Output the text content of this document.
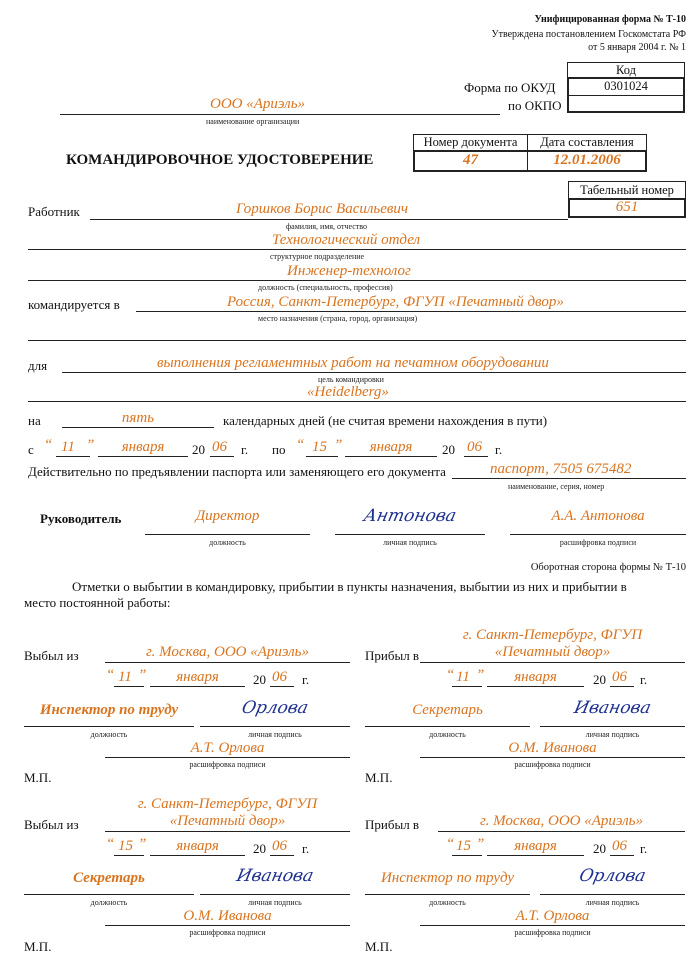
Унифицированная форма № Т-10
Утверждена постановлением Госкомстата РФ
от 5 января 2004 г. № 1
Код
0301024
Форма по ОКУД
по ОКПО
ООО «Ариэль»
наименование организации
Номер документа	Дата составления
47	12.01.2006
КОМАНДИРОВОЧНОЕ УДОСТОВЕРЕНИЕ
Табельный номер
651
Работник	Горшков Борис Васильевич
фамилия, имя, отчество
Технологический отдел
структурное подразделение
Инженер-технолог
должность (специальность, профессия)
командируется в	Россия, Санкт-Петербург, ФГУП «Печатный двор»
место назначения (страна, город, организация)
для	выполнения регламентных работ на печатном оборудовании
цель командировки
«Heidelberg»
на	пять	календарных дней (не считая времени нахождения в пути)
с “ 11 ”	января	20 06 г. по “ 15 ”	января	20 06 г.
Действительно по предъявлении паспорта или заменяющего его документа	паспорт, 7505 675482
наименование, серия, номер
Руководитель	Директор
должность
Антонова
личная подпись
А.А. Антонова
расшифровка подписи
Оборотная сторона формы № Т-10
Отметки о выбытии в командировку, прибытии в пункты назначения, выбытии из них и прибытии в
место постоянной работы:
Выбыл из	г. Москва, ООО «Ариэль»
“ 11 ”	января	20 06 г.
Инспектор по труду
должность
Орлова
личная подпись
А.Т. Орлова
расшифровка подписи
М.П.
г. Санкт-Петербург, ФГУП
Прибыл в	«Печатный двор»
“ 11 ”	января	20 06 г.
Секретарь
должность
Иванова
личная подпись
О.М. Иванова
расшифровка подписи
М.П.
г. Санкт-Петербург, ФГУП
Выбыл из	«Печатный двор»
“ 15 ”	января	20 06 г.
Секретарь
должность
Иванова
личная подпись
О.М. Иванова
расшифровка подписи
М.П.
Прибыл в	г. Москва, ООО «Ариэль»
“ 15 ”	января	20 06 г.
Инспектор по труду
должность
Орлова
личная подпись
А.Т. Орлова
расшифровка подписи
М.П.
